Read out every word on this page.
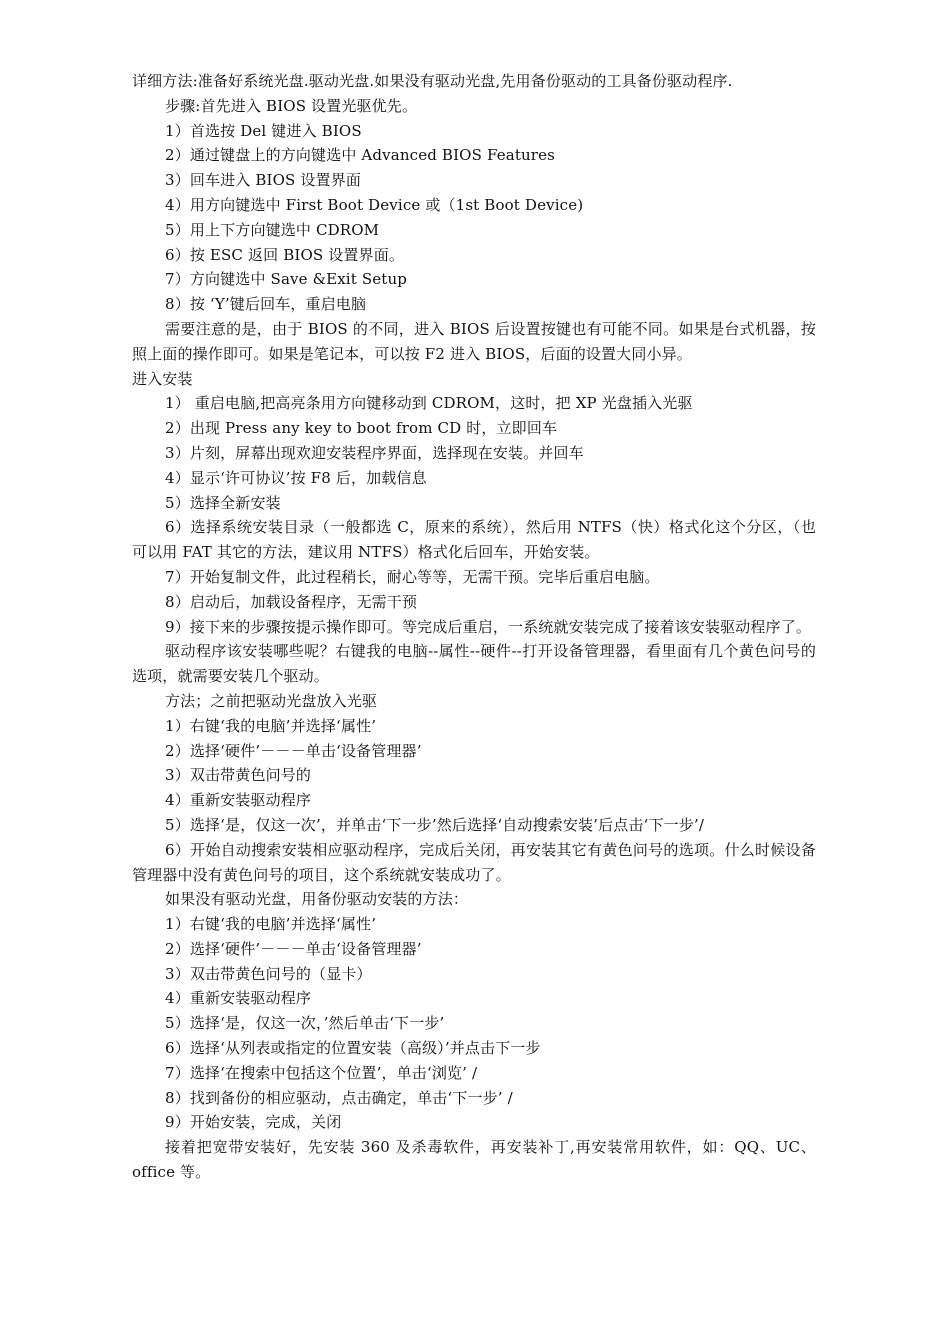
详细方法:准备好系统光盘.驱动光盘.如果没有驱动光盘,先用备份驱动的工具备份驱动程序.

步骤:首先进入 BIOS 设置光驱优先。

1）首选按 Del 键进入 BIOS

2）通过键盘上的方向键选中 Advanced BIOS Features

3）回车进入 BIOS 设置界面

4）用方向键选中 First Boot Device 或（1st Boot Device)

5）用上下方向键选中 CDROM

6）按 ESC 返回 BIOS 设置界面。

7）方向键选中 Save &Exit Setup

8）按 ‘Y’键后回车，重启电脑

需要注意的是，由于 BIOS 的不同，进入 BIOS 后设置按键也有可能不同。如果是台式机器，按照上面的操作即可。如果是笔记本，可以按 F2 进入 BIOS，后面的设置大同小异。

进入安装

1） 重启电脑,把高亮条用方向键移动到 CDROM，这时，把 XP 光盘插入光驱

2）出现 Press any key to boot from CD 时，立即回车

3）片刻，屏幕出现欢迎安装程序界面，选择现在安装。并回车

4）显示‘许可协议’按 F8 后，加载信息

5）选择全新安装

6）选择系统安装目录（一般都选 C，原来的系统），然后用 NTFS（快）格式化这个分区，（也可以用 FAT 其它的方法，建议用 NTFS）格式化后回车，开始安装。

7）开始复制文件，此过程稍长，耐心等等，无需干预。完毕后重启电脑。

8）启动后，加载设备程序，无需干预

9）接下来的步骤按提示操作即可。等完成后重启，一系统就安装完成了接着该安装驱动程序了。

驱动程序该安装哪些呢？右键我的电脑--属性--硬件--打开设备管理器，看里面有几个黄色问号的选项，就需要安装几个驱动。

方法；之前把驱动光盘放入光驱

1）右键‘我的电脑’并选择‘属性’

2）选择‘硬件’－－－单击‘设备管理器’

3）双击带黄色问号的

4）重新安装驱动程序

5）选择‘是，仅这一次’，并单击‘下一步’然后选择‘自动搜索安装’后点击‘下一步’/

6）开始自动搜索安装相应驱动程序，完成后关闭，再安装其它有黄色问号的选项。什么时候设备管理器中没有黄色问号的项目，这个系统就安装成功了。

如果没有驱动光盘，用备份驱动安装的方法：

1）右键‘我的电脑’并选择‘属性’

2）选择‘硬件’－－－单击‘设备管理器’

3）双击带黄色问号的（显卡）

4）重新安装驱动程序

5）选择‘是，仅这一次，’然后单击‘下一步’

6）选择‘从列表或指定的位置安装（高级）’并点击下一步

7）选择‘在搜索中包括这个位置’，单击‘浏览’ /

8）找到备份的相应驱动，点击确定，单击‘下一步’ /

9）开始安装，完成，关闭

接着把宽带安装好，先安装 360 及杀毒软件，再安装补丁,再安装常用软件，如：QQ、UC、office 等。
